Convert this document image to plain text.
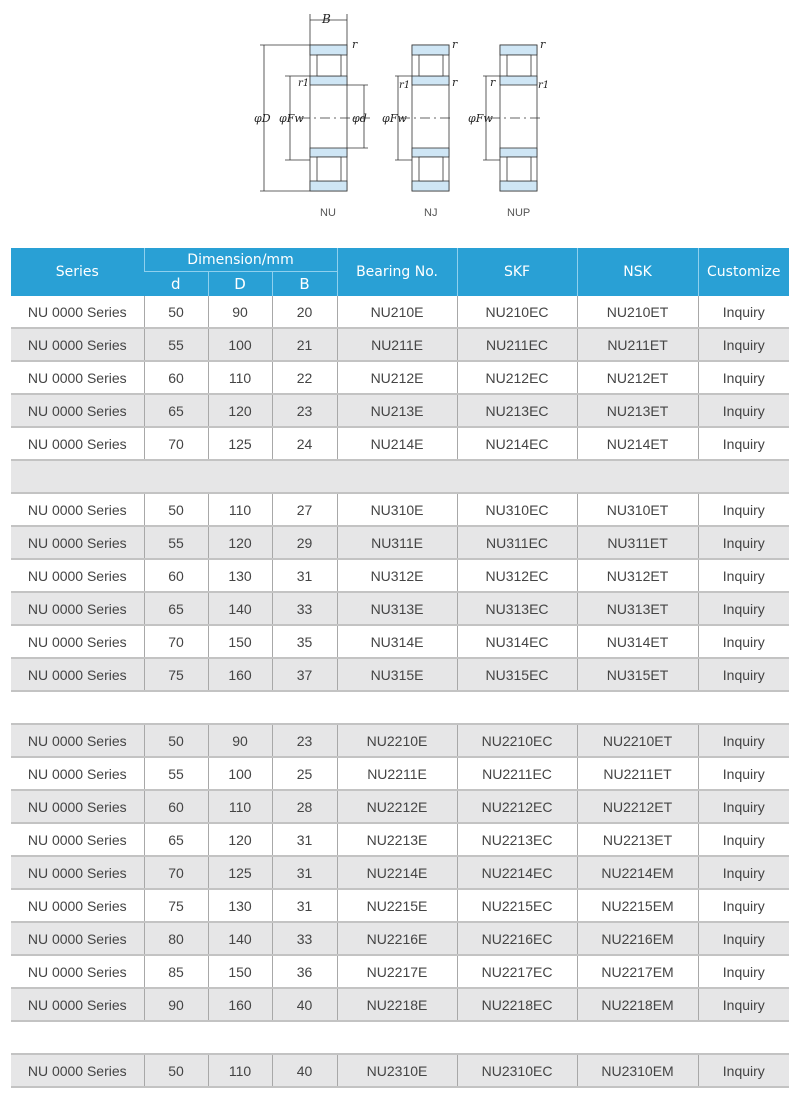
B
r
r1
φD φFw	φd
NU
r
r1	r
φFw
NJ
r
r	r1
φFw
NUP
Series	Dimension/mm			Bearing No.	SKF	NSK	Customize
	d	D	B				
NU 0000 Series	50	90	20	NU210E	NU210EC	NU210ET	Inquiry
NU 0000 Series	55	100	21	NU211E	NU211EC	NU211ET	Inquiry
NU 0000 Series	60	110	22	NU212E	NU212EC	NU212ET	Inquiry
NU 0000 Series	65	120	23	NU213E	NU213EC	NU213ET	Inquiry
NU 0000 Series	70	125	24	NU214E	NU214EC	NU214ET	Inquiry

NU 0000 Series	50	110	27	NU310E	NU310EC	NU310ET	Inquiry
NU 0000 Series	55	120	29	NU311E	NU311EC	NU311ET	Inquiry
NU 0000 Series	60	130	31	NU312E	NU312EC	NU312ET	Inquiry
NU 0000 Series	65	140	33	NU313E	NU313EC	NU313ET	Inquiry
NU 0000 Series	70	150	35	NU314E	NU314EC	NU314ET	Inquiry
NU 0000 Series	75	160	37	NU315E	NU315EC	NU315ET	Inquiry

NU 0000 Series	50	90	23	NU2210E	NU2210EC	NU2210ET	Inquiry
NU 0000 Series	55	100	25	NU2211E	NU2211EC	NU2211ET	Inquiry
NU 0000 Series	60	110	28	NU2212E	NU2212EC	NU2212ET	Inquiry
NU 0000 Series	65	120	31	NU2213E	NU2213EC	NU2213ET	Inquiry
NU 0000 Series	70	125	31	NU2214E	NU2214EC	NU2214EM	Inquiry
NU 0000 Series	75	130	31	NU2215E	NU2215EC	NU2215EM	Inquiry
NU 0000 Series	80	140	33	NU2216E	NU2216EC	NU2216EM	Inquiry
NU 0000 Series	85	150	36	NU2217E	NU2217EC	NU2217EM	Inquiry
NU 0000 Series	90	160	40	NU2218E	NU2218EC	NU2218EM	Inquiry

NU 0000 Series	50	110	40	NU2310E	NU2310EC	NU2310EM	Inquiry
